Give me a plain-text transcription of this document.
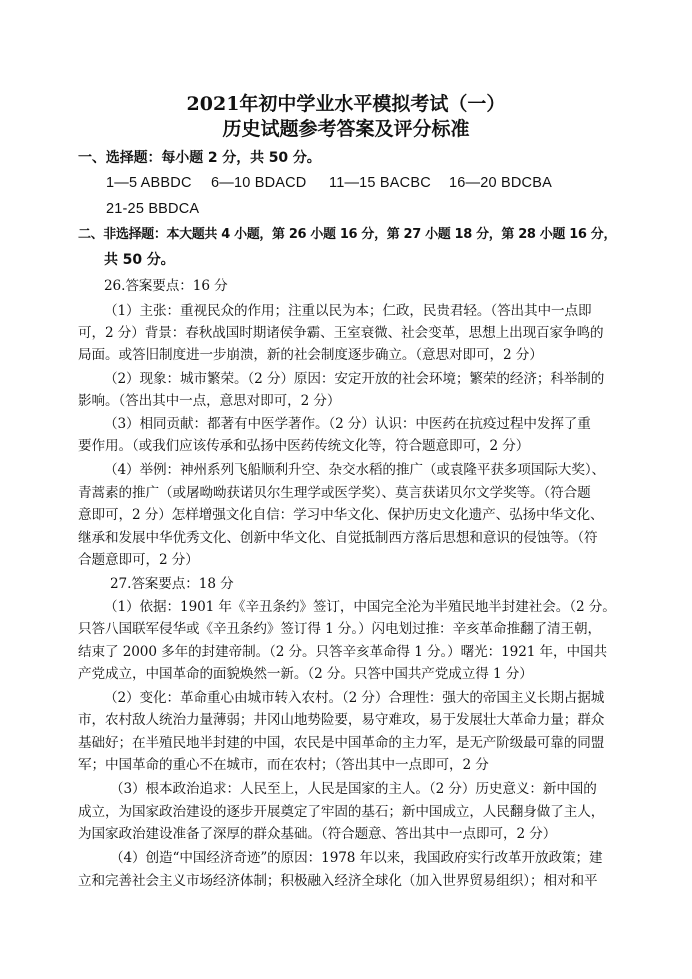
2021年初中学业水平模拟考试（一）
历史试题参考答案及评分标准
一、选择题：每小题 2 分，共 50 分。
1—5 ABBDC 6—10 BDACD 11—15 BACBC 16—20 BDCBA
21-25 BBDCA
二、非选择题：本大题共 4 小题，第 26 小题 16 分，第 27 小题 18 分，第 28 小题 16 分，
共 50 分。
26.答案要点：16 分
（1）主张：重视民众的作用；注重以民为本；仁政，民贵君轻。（答出其中一点即
可，2 分）背景：春秋战国时期诸侯争霸、王室衰微、社会变革，思想上出现百家争鸣的
局面。或答旧制度进一步崩溃，新的社会制度逐步确立。（意思对即可，2 分）
（2）现象：城市繁荣。（2 分）原因：安定开放的社会环境；繁荣的经济；科举制的
影响。（答出其中一点，意思对即可，2 分）
（3）相同贡献：都著有中医学著作。（2 分）认识：中医药在抗疫过程中发挥了重
要作用。（或我们应该传承和弘扬中医药传统文化等，符合题意即可，2 分）
（4）举例：神州系列飞船顺利升空、杂交水稻的推广（或袁隆平获多项国际大奖）、
青蒿素的推广（或屠呦呦获诺贝尔生理学或医学奖）、莫言获诺贝尔文学奖等。（符合题
意即可，2 分）怎样增强文化自信：学习中华文化、保护历史文化遗产、弘扬中华文化、
继承和发展中华优秀文化、创新中华文化、自觉抵制西方落后思想和意识的侵蚀等。（符
合题意即可，2 分）
27.答案要点：18 分
（1）依据：1901 年《辛丑条约》签订，中国完全沦为半殖民地半封建社会。（2 分。
只答八国联军侵华或《辛丑条约》签订得 1 分。）闪电划过推：辛亥革命推翻了清王朝，
结束了 2000 多年的封建帝制。（2 分。只答辛亥革命得 1 分。）曙光：1921 年，中国共
产党成立，中国革命的面貌焕然一新。（2 分。只答中国共产党成立得 1 分）
（2）变化：革命重心由城市转入农村。（2 分）合理性：强大的帝国主义长期占据城
市，农村敌人统治力量薄弱；井冈山地势险要，易守难攻，易于发展壮大革命力量；群众
基础好；在半殖民地半封建的中国，农民是中国革命的主力军，是无产阶级最可靠的同盟
军；中国革命的重心不在城市，而在农村；（答出其中一点即可，2 分
（3）根本政治追求：人民至上，人民是国家的主人。（2 分）历史意义：新中国的
成立，为国家政治建设的逐步开展奠定了牢固的基石；新中国成立，人民翻身做了主人，
为国家政治建设准备了深厚的群众基础。（符合题意、答出其中一点即可，2 分）
（4）创造“中国经济奇迹”的原因：1978 年以来，我国政府实行改革开放政策；建
立和完善社会主义市场经济体制；积极融入经济全球化（加入世界贸易组织）；相对和平
